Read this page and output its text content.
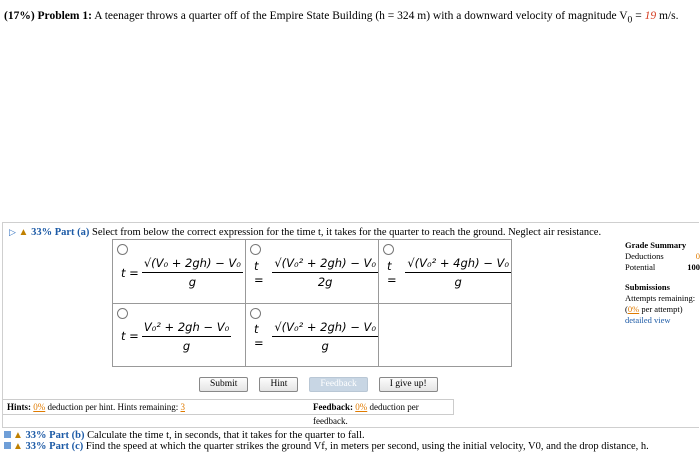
(17%) Problem 1: A teenager throws a quarter off of the Empire State Building (h = 324 m) with a downward velocity of magnitude $V_0 = 19$ m/s.
▷ ▲ 33% Part (a) Select from below the correct expression for the time t, it takes for the quarter to reach the ground. Neglect air resistance.
$t = \frac{\text{√(V₀ + 2gh) − V₀}}{g}$	$t = \frac{\text{√(V₀² + 2gh) − V₀}}{2g}$	$t = \frac{\text{√(V₀² + 4gh) − V₀}}{g}$

$t = \frac{\text{V₀² + 2gh − V₀}}{g}$	$t = \frac{\text{√(V₀² + 2gh) − V₀}}{g}$

Submit	Hint	Feedback	I give up!
Hints: 0% deduction per hint. Hints remaining: 3	Feedback: 0% deduction per feedback.
Grade Summary
Deductions	0
Potential	100
Submissions
Attempts remaining:
(0% per attempt)
detailed view
▲ 33% Part (b) Calculate the time t, in seconds, that it takes for the quarter to fall.
▲ 33% Part (c) Find the speed at which the quarter strikes the ground Vf, in meters per second, using the initial velocity, V0, and the drop distance, h.
